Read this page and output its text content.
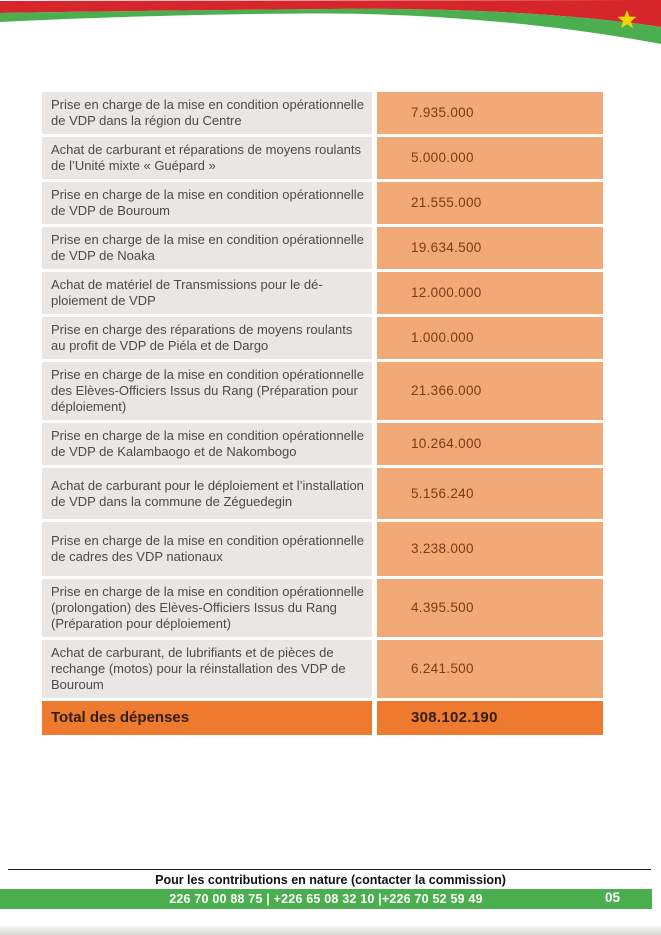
Prise en charge de la mise en condition opérationnelle de VDP dans la région du Centre
7.935.000
Achat de carburant et réparations de moyens roulants de l’Unité mixte « Guépard »
5.000.000
Prise en charge de la mise en condition opérationnelle de VDP de Bouroum
21.555.000
Prise en charge de la mise en condition opérationnelle de VDP de Noaka
19.634.500
Achat de matériel de Transmissions pour le déploiement de VDP
12.000.000
Prise en charge des réparations de moyens roulants au profit de VDP de Piéla et de Dargo
1.000.000
Prise en charge de la mise en condition opérationnelle des Elèves-Officiers Issus du Rang (Préparation pour déploiement)
21.366.000
Prise en charge de la mise en condition opérationnelle de VDP de Kalambaogo et de Nakombogo
10.264.000
Achat de carburant pour le déploiement et l’installation de VDP dans la commune de Zéguedegin
5.156.240
Prise en charge de la mise en condition opérationnelle de cadres des VDP nationaux
3.238.000
Prise en charge de la mise en condition opérationnelle (prolongation) des Elèves-Officiers Issus du Rang (Préparation pour déploiement)
4.395.500
Achat de carburant, de lubrifiants et de pièces de rechange (motos) pour la réinstallation des VDP de Bouroum
6.241.500
Total des dépenses	308.102.190
Pour les contributions en nature (contacter la commission)
226 70 00 88 75 | +226 65 08 32 10 |+226 70 52 59 49	05
